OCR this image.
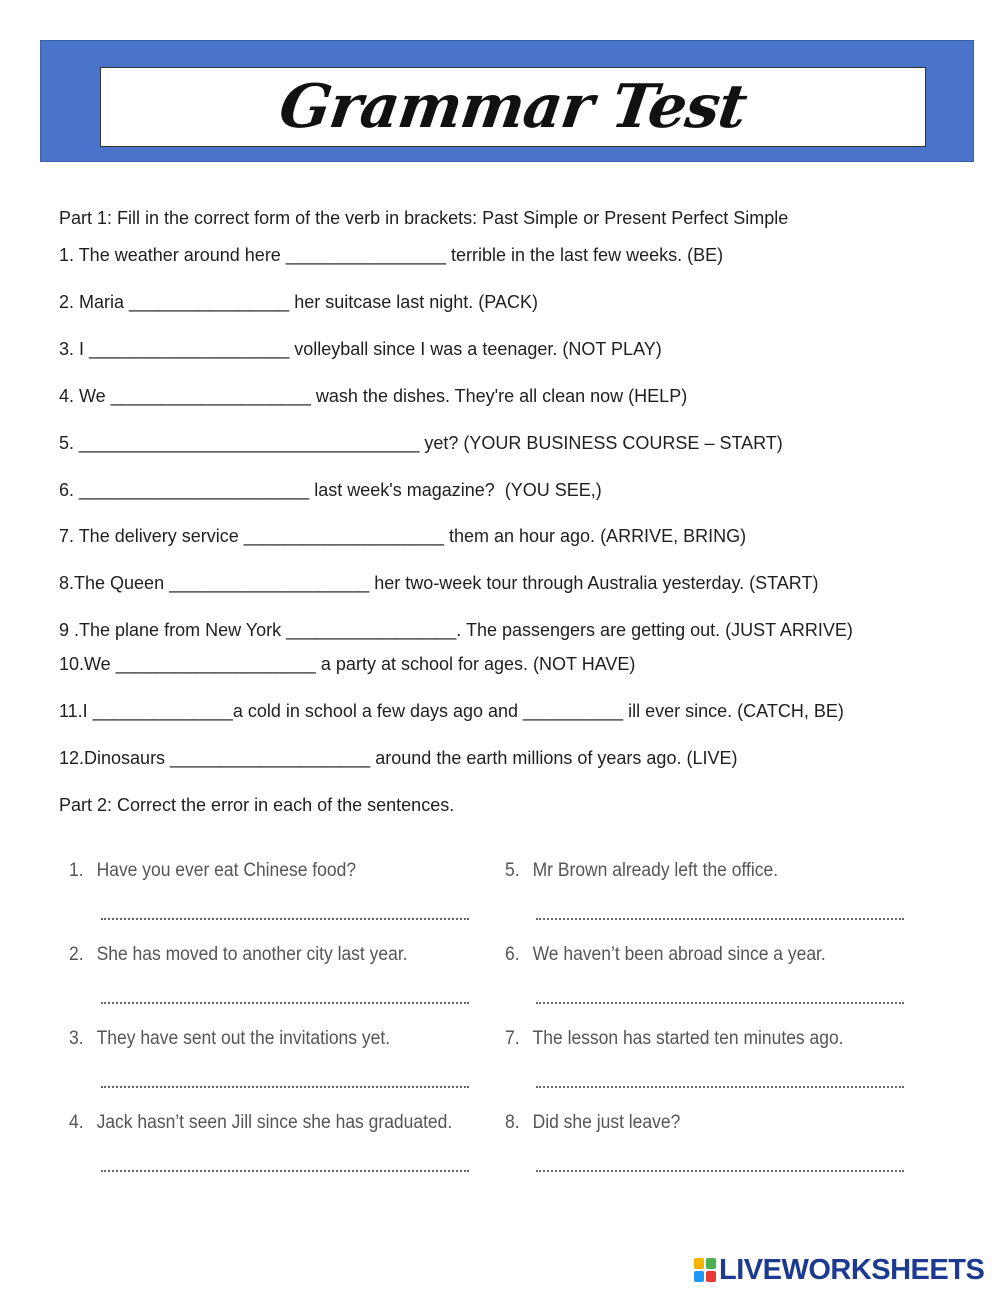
Grammar Test
Part 1: Fill in the correct form of the verb in brackets: Past Simple or Present Perfect Simple
1. The weather around here ________________ terrible in the last few weeks. (BE)
2. Maria ________________ her suitcase last night. (PACK)
3. I ____________________ volleyball since I was a teenager. (NOT PLAY)
4. We ____________________ wash the dishes. They're all clean now (HELP)
5. __________________________________ yet? (YOUR BUSINESS COURSE – START)
6. _______________________ last week's magazine?  (YOU SEE,)
7. The delivery service ____________________ them an hour ago. (ARRIVE, BRING)
8.The Queen ____________________ her two-week tour through Australia yesterday. (START)
9 .The plane from New York _________________. The passengers are getting out. (JUST ARRIVE)
10.We ____________________ a party at school for ages. (NOT HAVE)
11.I ______________a cold in school a few days ago and __________ ill ever since. (CATCH, BE)
12.Dinosaurs ____________________ around the earth millions of years ago. (LIVE)
Part 2: Correct the error in each of the sentences.
1. Have you ever eat Chinese food?
2. She has moved to another city last year.
3. They have sent out the invitations yet.
4. Jack hasn’t seen Jill since she has graduated.
5. Mr Brown already left the office.
6. We haven’t been abroad since a year.
7. The lesson has started ten minutes ago.
8. Did she just leave?
LIVEWORKSHEETS
